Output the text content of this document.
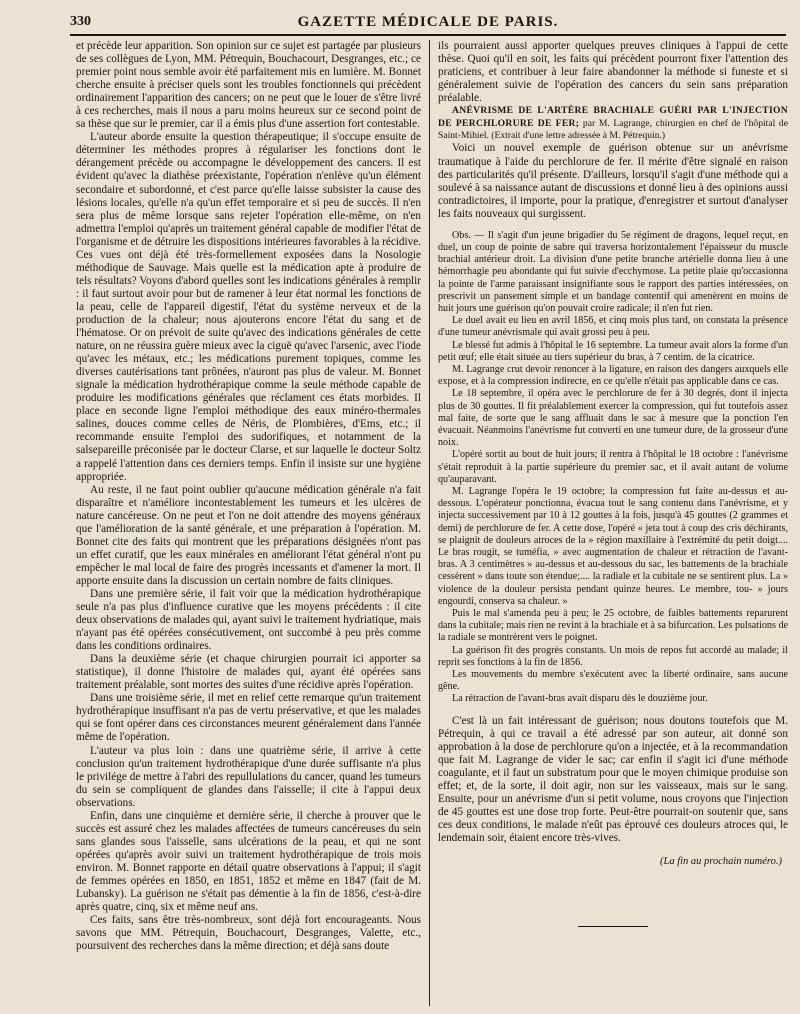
330	GAZETTE MÉDICALE DE PARIS.

et précède leur apparition. Son opinion sur ce sujet est partagée par plusieurs de ses collègues de Lyon, MM. Pétrequin, Bouchacourt, Desgranges, etc.; ce premier point nous semble avoir été parfaitement mis en lumière. M. Bonnet cherche ensuite à préciser quels sont les troubles fonctionnels qui précèdent ordinairement l'apparition des cancers; on ne peut que le louer de s'être livré à ces recherches, mais il nous a paru moins heureux sur ce second point de sa thèse que sur le premier, car il a émis plus d'une assertion fort contestable.

L'auteur aborde ensuite la question thérapeutique; il s'occupe ensuite de déterminer les méthodes propres à régulariser les fonctions dont le dérangement précède ou accompagne le développement des cancers. Il est évident qu'avec la diathèse préexistante, l'opération n'enlève qu'un élément secondaire et subordonné, et c'est parce qu'elle laisse subsister la cause des lésions locales, qu'elle n'a qu'un effet temporaire et si peu de succès. Il n'en sera plus de même lorsque sans rejeter l'opération elle-même, on n'en admettra l'emploi qu'après un traitement général capable de modifier l'état de l'organisme et de détruire les dispositions intérieures favorables à la récidive. Ces vues ont déjà été très-formellement exposées dans la Nosologie méthodique de Sauvage. Mais quelle est la médication apte à produire de tels résultats? Voyons d'abord quelles sont les indications générales à remplir : il faut surtout avoir pour but de ramener à leur état normal les fonctions de la peau, celle de l'appareil digestif, l'état du système nerveux et de la production de la chaleur; nous ajouterons encore l'état du sang et de l'hématose. Or on prévoit de suite qu'avec des indications générales de cette nature, on ne réussira guère mieux avec la ciguë qu'avec l'arsenic, avec l'iode qu'avec les métaux, etc.; les médications purement topiques, comme les diverses cautérisations tant prônées, n'auront pas plus de valeur. M. Bonnet signale la médication hydrothérapique comme la seule méthode capable de produire les modifications générales que réclament ces états morbides. Il place en seconde ligne l'emploi méthodique des eaux minéro-thermales salines, douces comme celles de Néris, de Plombières, d'Ems, etc.; il recommande ensuite l'emploi des sudorifiques, et notamment de la salsepareille préconisée par le docteur Clarse, et sur laquelle le docteur Soltz a rappelé l'attention dans ces derniers temps. Enfin il insiste sur une hygiène appropriée.

Au reste, il ne faut point oublier qu'aucune médication générale n'a fait disparaître et n'améliore incontestablement les tumeurs et les ulcères de nature cancéreuse. On ne peut et l'on ne doit attendre des moyens généraux que l'amélioration de la santé générale, et une préparation à l'opération. M. Bonnet cite des faits qui montrent que les préparations désignées n'ont pas un effet curatif, que les eaux minérales en améliorant l'état général n'ont pu empêcher le mal local de faire des progrès incessants et d'amener la mort. Il apporte ensuite dans la discussion un certain nombre de faits cliniques.

Dans une première série, il fait voir que la médication hydrothérapique seule n'a pas plus d'influence curative que les moyens précédents : il cite deux observations de malades qui, ayant suivi le traitement hydriatique, mais n'ayant pas été opérées consécutivement, ont succombé à peu près comme dans les conditions ordinaires.

Dans la deuxième série (et chaque chirurgien pourrait ici apporter sa statistique), il donne l'histoire de malades qui, ayant été opérées sans traitement préalable, sont mortes des suites d'une récidive après l'opération.

Dans une troisième série, il met en relief cette remarque qu'un traitement hydrothérapique insuffisant n'a pas de vertu préservative, et que les malades qui se font opérer dans ces circonstances meurent généralement dans l'année même de l'opération.

L'auteur va plus loin : dans une quatrième série, il arrive à cette conclusion qu'un traitement hydrothérapique d'une durée suffisante n'a plus le privilége de mettre à l'abri des repullulations du cancer, quand les tumeurs du sein se compliquent de glandes dans l'aisselle; il cite à l'appui deux observations.

Enfin, dans une cinquième et dernière série, il cherche à prouver que le succès est assuré chez les malades affectées de tumeurs cancéreuses du sein sans glandes sous l'aisselle, sans ulcérations de la peau, et qui ne sont opérées qu'après avoir suivi un traitement hydrothérapique de trois mois environ. M. Bonnet rapporte en détail quatre observations à l'appui; il s'agit de femmes opérées en 1850, en 1851, 1852 et même en 1847 (fait de M. Lubansky). La guérison ne s'était pas démentie à la fin de 1856, c'est-à-dire après quatre, cinq, six et même neuf ans.

Ces faits, sans être très-nombreux, sont déjà fort encourageants. Nous savons que MM. Pétrequin, Bouchacourt, Desgranges, Valette, etc., poursuivent des recherches dans la même direction; et déjà sans doute

ils pourraient aussi apporter quelques preuves cliniques à l'appui de cette thèse. Quoi qu'il en soit, les faits qui précèdent pourront fixer l'attention des praticiens, et contribuer à leur faire abandonner la méthode si funeste et si généralement suivie de l'opération des cancers du sein sans préparation préalable.

ANÉVRISME DE L'ARTÈRE BRACHIALE GUÉRI PAR L'INJECTION DE PERCHLORURE DE FER; par M. Lagrange, chirurgien en chef de l'hôpital de Saint-Mihiel. (Extrait d'une lettre adressée à M. Pétrequin.)

Voici un nouvel exemple de guérison obtenue sur un anévrisme traumatique à l'aide du perchlorure de fer. Il mérite d'être signalé en raison des particularités qu'il présente. D'ailleurs, lorsqu'il s'agit d'une méthode qui a soulevé à sa naissance autant de discussions et donné lieu à des opinions aussi contradictoires, il importe, pour la pratique, d'enregistrer et surtout d'analyser les faits nouveaux qui surgissent.

Obs. — Il s'agit d'un jeune brigadier du 5e régiment de dragons, lequel reçut, en duel, un coup de pointe de sabre qui traversa horizontalement l'épaisseur du muscle brachial antérieur droit. La division d'une petite branche artérielle donna lieu à une hémorrhagie peu abondante qui fut suivie d'ecchymose. La petite plaie qu'occasionna la pointe de l'arme paraissant insignifiante sous le rapport des parties intéressées, on prescrivit un pansement simple et un bandage contentif qui amenèrent en moins de huit jours une guérison qu'on pouvait croire radicale; il n'en fut rien.

Le duel avait eu lieu en avril 1856, et cinq mois plus tard, on constata la présence d'une tumeur anévrismale qui avait grossi peu à peu.

Le blessé fut admis à l'hôpital le 16 septembre. La tumeur avait alors la forme d'un petit œuf; elle était située au tiers supérieur du bras, à 7 centim. de la cicatrice.

M. Lagrange crut devoir renoncer à la ligature, en raison des dangers auxquels elle expose, et à la compression indirecte, en ce qu'elle n'était pas applicable dans ce cas.

Le 18 septembre, il opéra avec le perchlorure de fer à 30 degrés, dont il injecta plus de 30 gouttes. Il fit préalablement exercer la compression, qui fut toutefois assez mal faite, de sorte que le sang affluait dans le sac à mesure que la ponction l'en évacuait. Néanmoins l'anévrisme fut converti en une tumeur dure, de la grosseur d'une noix.

L'opéré sortit au bout de huit jours; il rentra à l'hôpital le 18 octobre : l'anévrisme s'était reproduit à la partie supérieure du premier sac, et il avait autant de volume qu'auparavant.

M. Lagrange l'opéra le 19 octobre; la compression fut faite au-dessus et au-dessous. L'opérateur ponctionna, évacua tout le sang contenu dans l'anévrisme, et y injecta successivement par 10 à 12 gouttes à la fois, jusqu'à 45 gouttes (2 grammes et demi) de perchlorure de fer. A cette dose, l'opéré « jeta tout à coup des cris déchirants, se plaignit de douleurs atroces de la » région maxillaire à l'extrémité du petit doigt.... Le bras rougit, se tuméfia, » avec augmentation de chaleur et rétraction de l'avant-bras. A 3 centimètres » au-dessus et au-dessous du sac, les battements de la brachiale cessèrent » dans toute son étendue;.... la radiale et la cubitale ne se sentirent plus. La » violence de la douleur persista pendant quinze heures. Le membre, tou- » jours engourdi, conserva sa chaleur. »

Puis le mal s'amenda peu à peu; le 25 octobre, de faibles battements reparurent dans la cubitale; mais rien ne revint à la brachiale et à sa bifurcation. Les pulsations de la radiale se montrèrent vers le poignet.

La guérison fit des progrès constants. Un mois de repos fut accordé au malade; il reprit ses fonctions à la fin de 1856.

Les mouvements du membre s'exécutent avec la liberté ordinaire, sans aucune gêne.

La rétraction de l'avant-bras avait disparu dès le douzième jour.

C'est là un fait intéressant de guérison; nous doutons toutefois que M. Pétrequin, à qui ce travail a été adressé par son auteur, ait donné son approbation à la dose de perchlorure qu'on a injectée, et à la recommandation que fait M. Lagrange de vider le sac; car enfin il s'agit ici d'une méthode coagulante, et il faut un substratum pour que le moyen chimique produise son effet; et, de la sorte, il doit agir, non sur les vaisseaux, mais sur le sang. Ensuite, pour un anévrisme d'un si petit volume, nous croyons que l'injection de 45 gouttes est une dose trop forte. Peut-être pourrait-on soutenir que, sans ces deux conditions, le malade n'eût pas éprouvé ces douleurs atroces qui, le lendemain soir, étaient encore très-vives.

(La fin au prochain numéro.)
